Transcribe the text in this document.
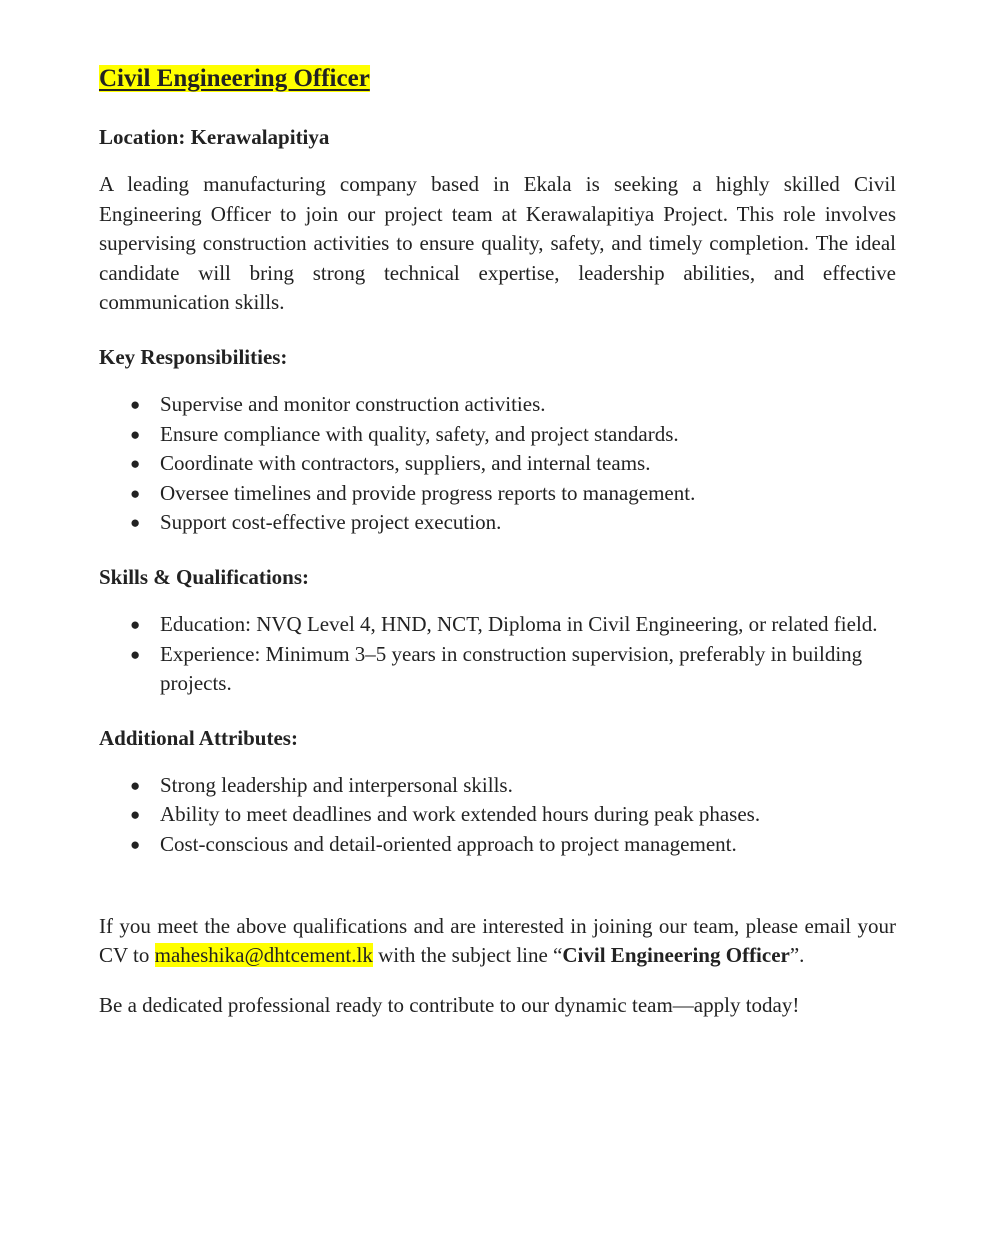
Civil Engineering Officer

Location: Kerawalapitiya

A leading manufacturing company based in Ekala is seeking a highly skilled Civil Engineering Officer to join our project team at Kerawalapitiya Project. This role involves supervising construction activities to ensure quality, safety, and timely completion. The ideal candidate will bring strong technical expertise, leadership abilities, and effective communication skills.

Key Responsibilities:

● Supervise and monitor construction activities.
● Ensure compliance with quality, safety, and project standards.
● Coordinate with contractors, suppliers, and internal teams.
● Oversee timelines and provide progress reports to management.
● Support cost-effective project execution.

Skills & Qualifications:

● Education: NVQ Level 4, HND, NCT, Diploma in Civil Engineering, or related field.
● Experience: Minimum 3–5 years in construction supervision, preferably in building projects.

Additional Attributes:

● Strong leadership and interpersonal skills.
● Ability to meet deadlines and work extended hours during peak phases.
● Cost-conscious and detail-oriented approach to project management.

If you meet the above qualifications and are interested in joining our team, please email your CV to maheshika@dhtcement.lk with the subject line “Civil Engineering Officer”.

Be a dedicated professional ready to contribute to our dynamic team—apply today!
